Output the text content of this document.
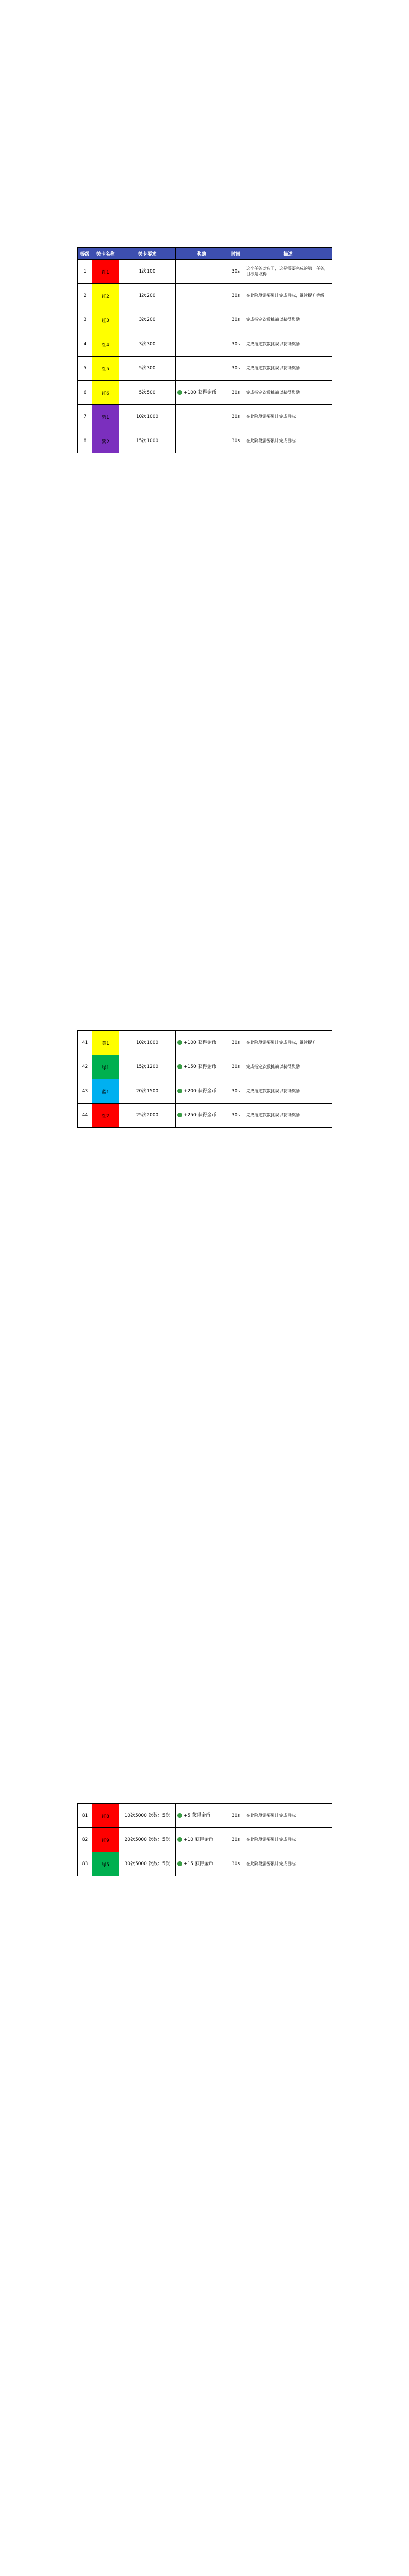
等级	关卡名称	关卡要求	奖励	时间	描述
1	红1	1次100		30s	这个任务对应于，这是需要完成的第一任务，目标是取得
2	红2	1次200		30s	在此阶段需要累计完成目标，继续提升等级
3	红3	3次200		30s	完成指定次数挑战以获得奖励
4	红4	3次300		30s	完成指定次数挑战以获得奖励
5	红5	5次300		30s	完成指定次数挑战以获得奖励
6	红6	5次500	+100 获得金币	30s	完成指定次数挑战以获得奖励
7	紫1	10次1000		30s	在此阶段需要累计完成目标
8	紫2	15次1000		30s	在此阶段需要累计完成目标
41	黄1	10次1000	+100 获得金币	30s	在此阶段需要累计完成目标，继续提升
42	绿1	15次1200	+150 获得金币	30s	完成指定次数挑战以获得奖励
43	蓝1	20次1500	+200 获得金币	30s	完成指定次数挑战以获得奖励
44	红2	25次2000	+250 获得金币	30s	完成指定次数挑战以获得奖励
81	红8	10次5000 次数：5次	+5 获得金币	30s	在此阶段需要累计完成目标
82	红9	20次5000 次数：5次	+10 获得金币	30s	在此阶段需要累计完成目标
83	绿5	30次5000 次数：5次	+15 获得金币	30s	在此阶段需要累计完成目标
